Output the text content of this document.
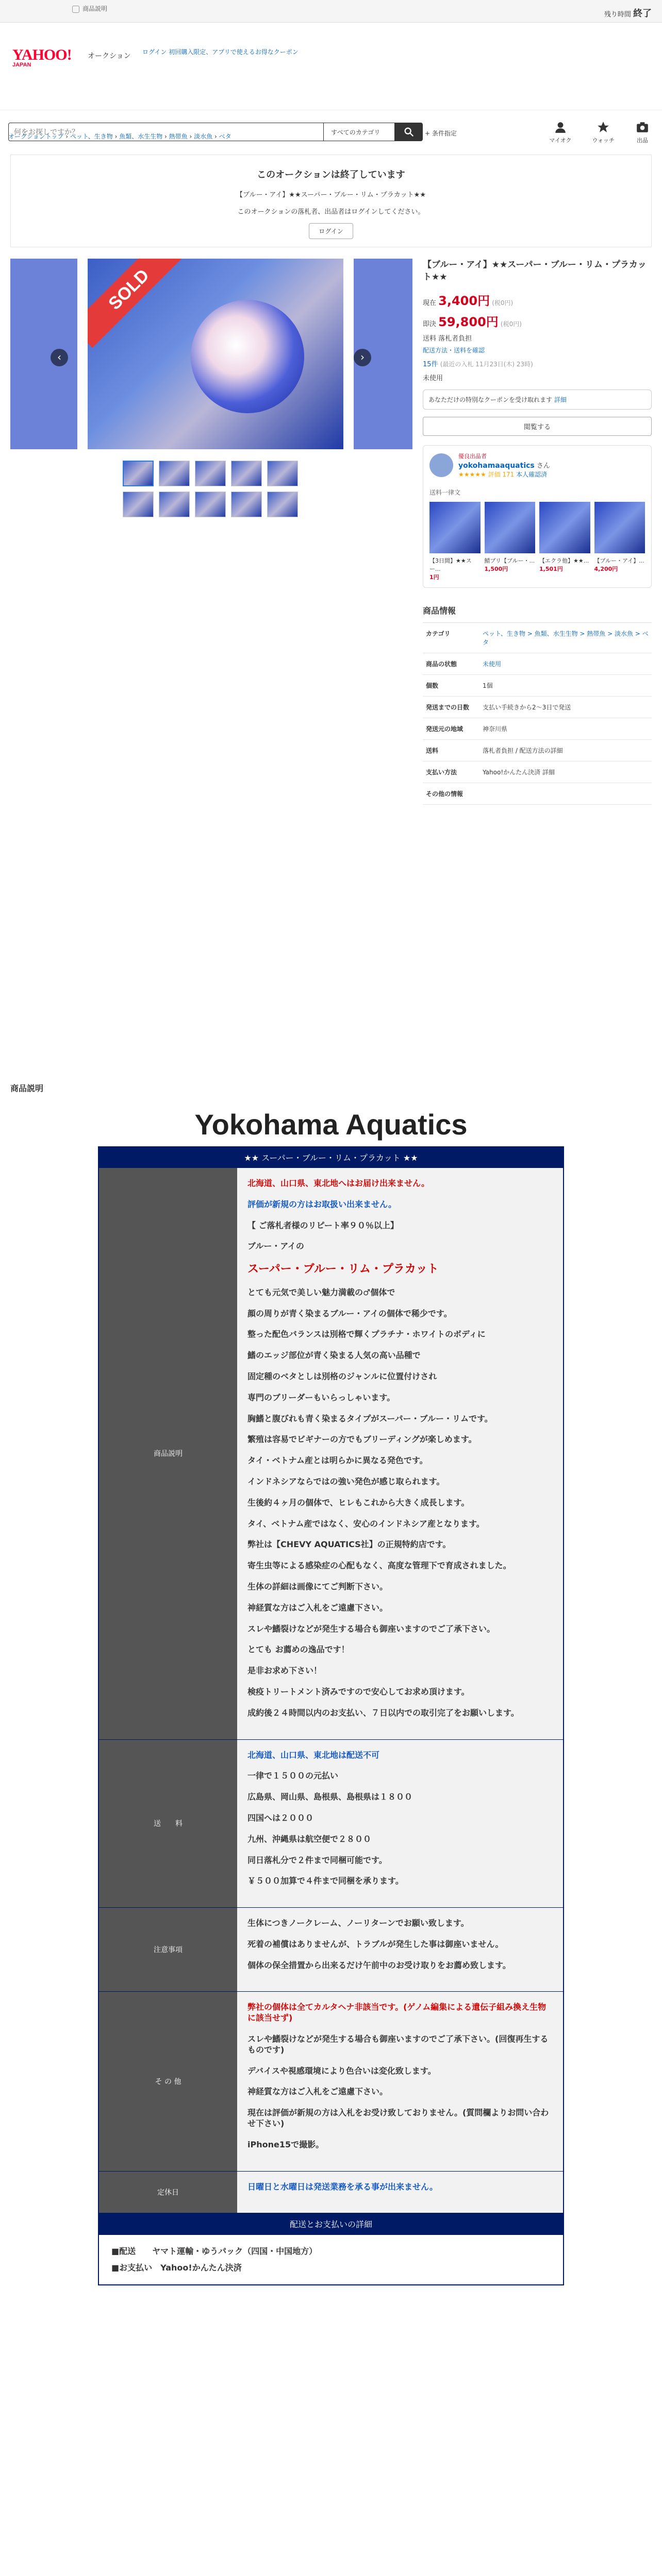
商品説明
残り時間 終了
YAHOO!
JAPAN
オークション ログイン 初回購入限定、アプリで使えるお得なクーポン
何をお探しですか？
すべてのカテゴリ	+ 条件指定
マイオク	ウォッチ	出品
オークショントップ › ペット、生き物 › 魚類、水生生物 › 熱帯魚 › 淡水魚 › ベタ
このオークションは終了しています

【ブルー・アイ】★★スーパー・ブルー・リム・プラカット★★

このオークションの落札者、出品者はログインしてください。

ログイン
SOLD
‹	›
【ブルー・アイ】★★スーパー・ブルー・リム・プラカット★★
現在 3,400円 (税0円)
即決 59,800円 (税0円)
送料 落札者負担
配送方法・送料を確認
15件 (最近の入札 11月23日(木) 23時)
未使用
あなただけの特別なクーポンを受け取れます 詳細
閲覧する
優良出品者
yokohamaaquatics さん
★★★★★ 評価 171 本人確認済
送料一律文
【3日間】★★スー...
1円
鯖ブリ【ブルー・...
1,500円
【エクラ他】★★...
1,501円
【ブルー・アイ】...
4,200円
商品情報
カテゴリ	ペット、生き物 > 魚類、水生生物 > 熱帯魚 > 淡水魚 > ベタ
商品の状態	未使用
個数	1個
発送までの日数	支払い手続きから2〜3日で発送
発送元の地域	神奈川県
送料	落札者負担 / 配送方法の詳細
支払い方法	Yahoo!かんたん決済 詳細
その他の情報	
商品説明
Yokohama Aquatics
★★ スーパー・ブルー・リム・プラカット ★★
商品説明

北海道、山口県、東北地へはお届け出来ません。

評価が新規の方はお取扱い出来ません。

【 ご落札者様のリピート率９０％以上】

ブルー・アイの

スーパー・ブルー・リム・プラカット

とても元気で美しい魅力満載の♂個体で

顔の周りが青く染まるブルー・アイの個体で稀少です。

整った配色バランスは別格で輝くプラチナ・ホワイトのボディに

鰭のエッジ部位が青く染まる人気の高い品種で

固定種のベタとしは別格のジャンルに位置付けされ

専門のブリーダーもいらっしゃいます。

胸鰭と腹びれも青く染まるタイプがスーパー・ブルー・リムです。

繁殖は容易でビギナーの方でもブリーディングが楽しめます。

タイ・ベトナム産とは明らかに異なる発色です。

インドネシアならではの強い発色が感じ取られます。

生後約４ヶ月の個体で、ヒレもこれから大きく成長します。

タイ、ベトナム産ではなく、安心のインドネシア産となります。

弊社は【CHEVY AQUATICS社】の正規特約店です。

寄生虫等による感染症の心配もなく、高度な管理下で育成されました。

生体の詳細は画像にてご判断下さい。

神経質な方はご入札をご遠慮下さい。

スレや鰭裂けなどが発生する場合も御座いますのでご了承下さい。

とても お薦めの逸品です！

是非お求め下さい！

検疫トリートメント済みですので安心してお求め頂けます。

成約後２４時間以内のお支払い、７日以内での取引完了をお願いします。

送　　料

北海道、山口県、東北地は配送不可

一律で１５００の元払い

広島県、岡山県、島根県、島根県は１８００

四国へは２０００

九州、沖縄県は航空便で２８００

同日落札分で２件まで同梱可能です。

￥５００加算で４件まで同梱を承ります。

注意事項

生体につきノークレーム、ノーリターンでお願い致します。

死着の補償はありませんが、トラブルが発生した事は御座いません。

個体の保全措置から出来るだけ午前中のお受け取りをお薦め致します。

そ の 他

弊社の個体は全てカルタヘナ非該当です。(ゲノム編集による遺伝子組み換え生物に該当せず)

スレや鰭裂けなどが発生する場合も御座いますのでご了承下さい。(回復再生するものです)

デバイスや視感環境により色合いは変化致します。

神経質な方はご入札をご遠慮下さい。

現在は評価が新規の方は入札をお受け致しておりません。(質問欄よりお問い合わせ下さい)

iPhone15で撮影。

定休日

日曜日と水曜日は発送業務を承る事が出来ません。

配送とお支払いの詳細
■配送　　ヤマト運輸・ゆうパック（四国・中国地方）
■お支払い　Yahoo!かんたん決済
